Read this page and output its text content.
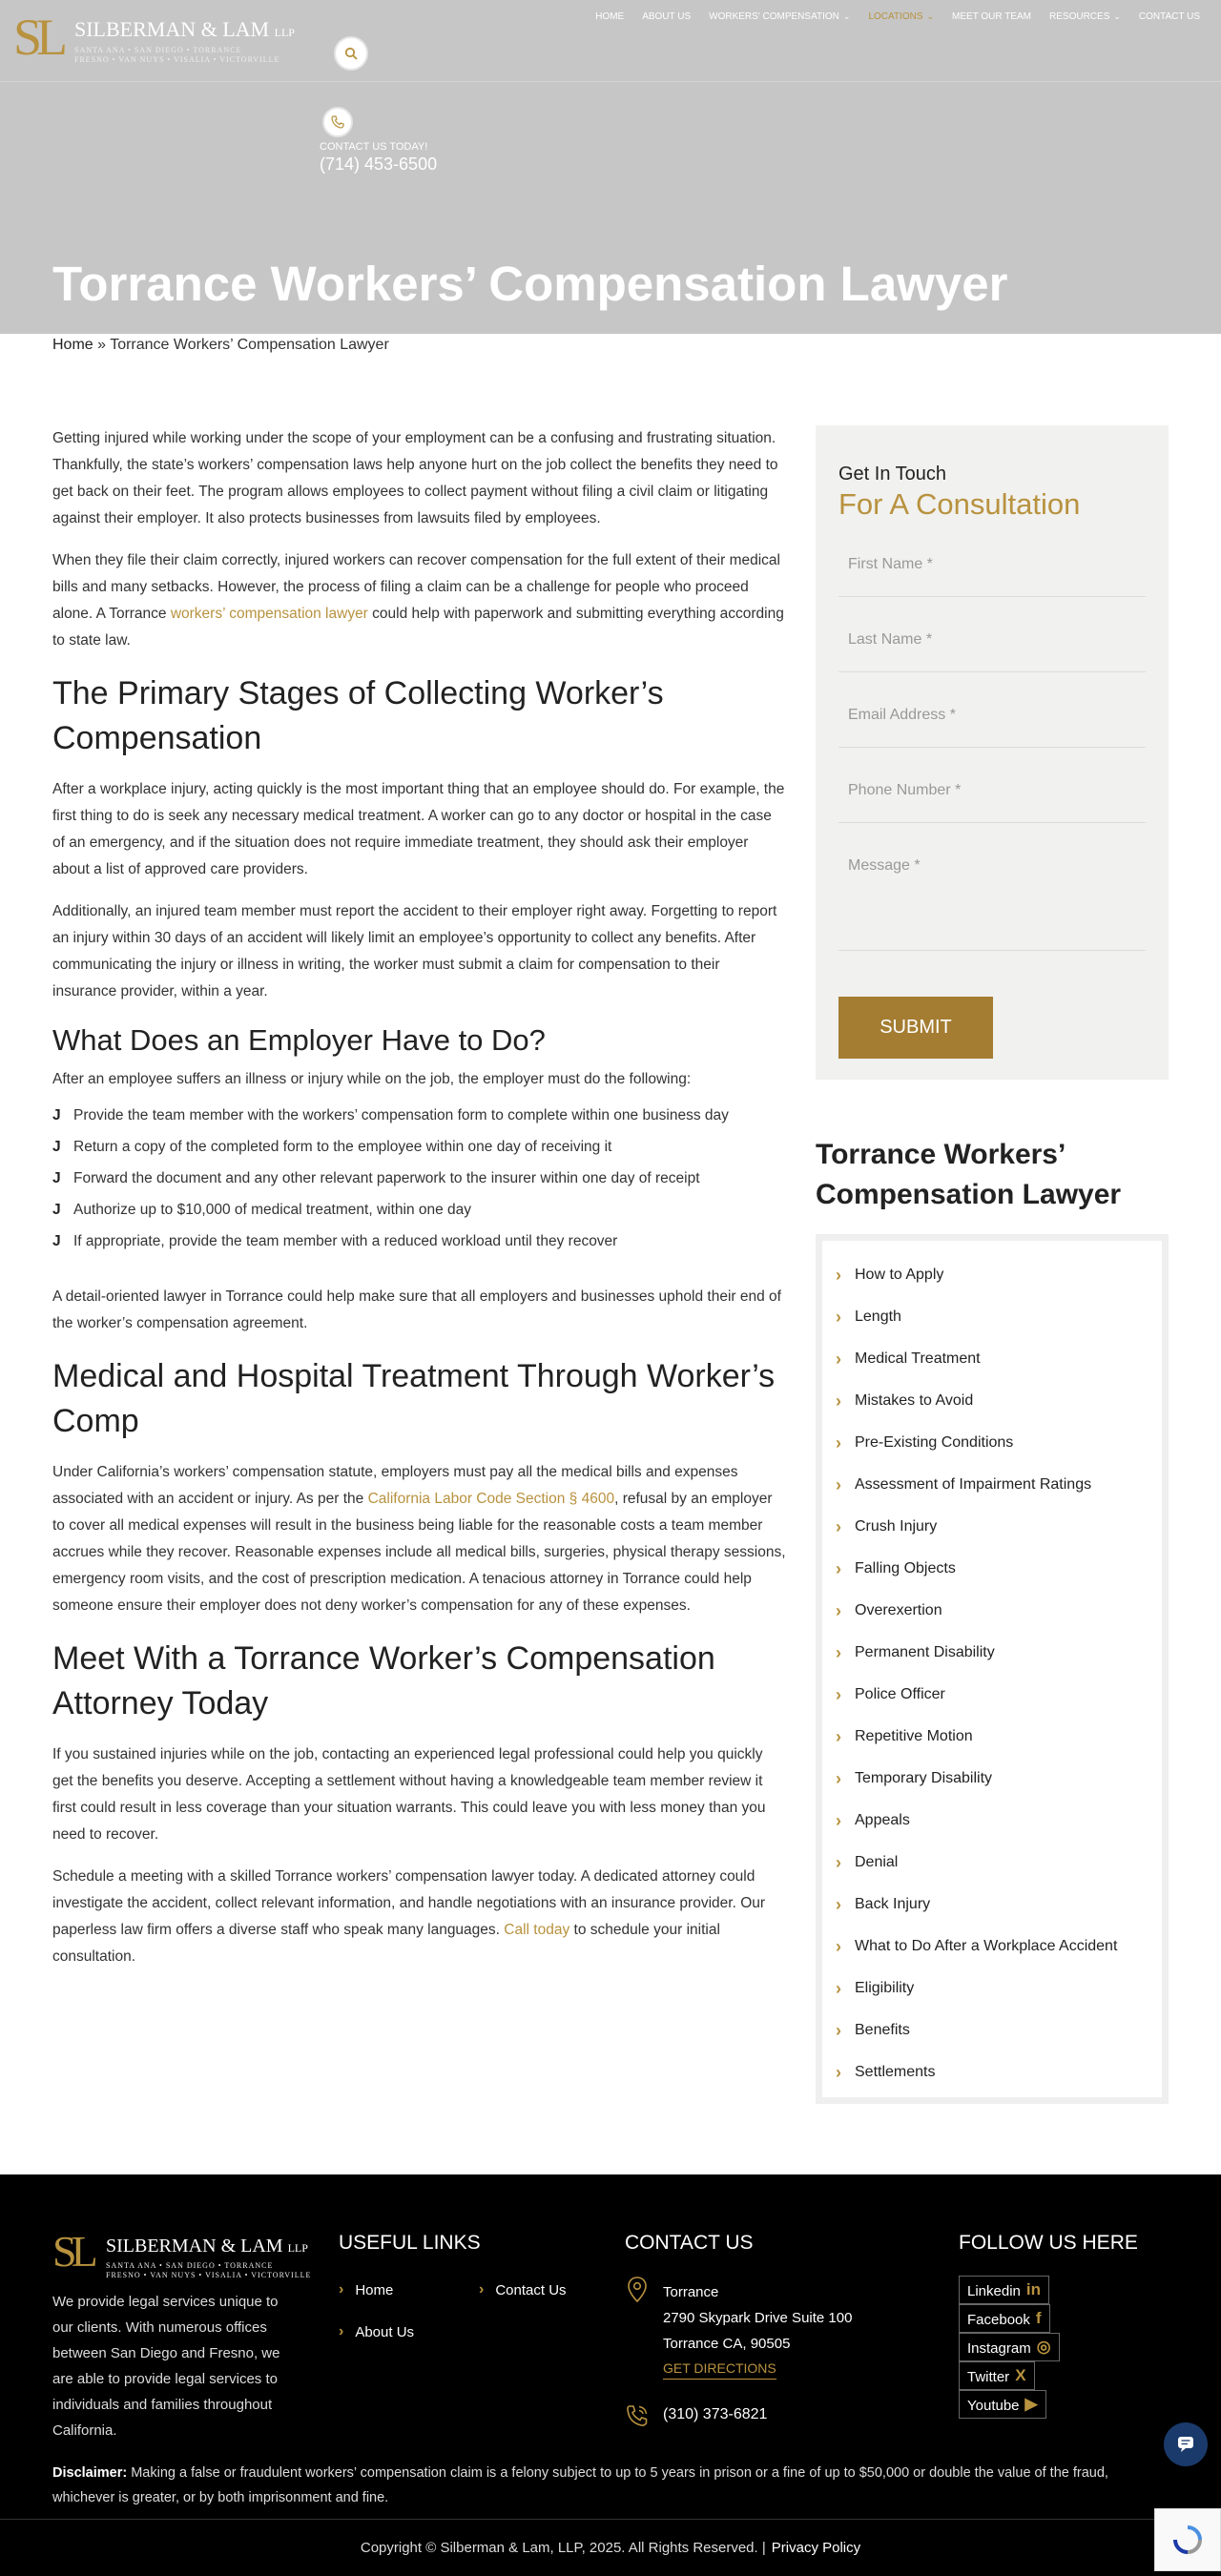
SL SILBERMAN & LAM LLP
SANTA ANA • SAN DIEGO • TORRANCE
FRESNO • VAN NUYS • VISALIA • VICTORVILLE
HOME ABOUT US WORKERS' COMPENSATION ⌄ LOCATIONS ⌄ MEET OUR TEAM RESOURCES ⌄ CONTACT US
CONTACT US TODAY!
(714) 453-6500
Torrance Workers’ Compensation Lawyer
Home » Torrance Workers’ Compensation Lawyer

Getting injured while working under the scope of your employment can be a confusing and frustrating situation. Thankfully, the state’s workers’ compensation laws help anyone hurt on the job collect the benefits they need to get back on their feet. The program allows employees to collect payment without filing a civil claim or litigating against their employer. It also protects businesses from lawsuits filed by employees.

When they file their claim correctly, injured workers can recover compensation for the full extent of their medical bills and many setbacks. However, the process of filing a claim can be a challenge for people who proceed alone. A Torrance workers’ compensation lawyer could help with paperwork and submitting everything according to state law.

The Primary Stages of Collecting Worker’s Compensation

After a workplace injury, acting quickly is the most important thing that an employee should do. For example, the first thing to do is seek any necessary medical treatment. A worker can go to any doctor or hospital in the case of an emergency, and if the situation does not require immediate treatment, they should ask their employer about a list of approved care providers.

Additionally, an injured team member must report the accident to their employer right away. Forgetting to report an injury within 30 days of an accident will likely limit an employee’s opportunity to collect any benefits. After communicating the injury or illness in writing, the worker must submit a claim for compensation to their insurance provider, within a year.

What Does an Employer Have to Do?

After an employee suffers an illness or injury while on the job, the employer must do the following:

J Provide the team member with the workers’ compensation form to complete within one business day
J Return a copy of the completed form to the employee within one day of receiving it
J Forward the document and any other relevant paperwork to the insurer within one day of receipt
J Authorize up to $10,000 of medical treatment, within one day
J If appropriate, provide the team member with a reduced workload until they recover

A detail-oriented lawyer in Torrance could help make sure that all employers and businesses uphold their end of the worker’s compensation agreement.

Medical and Hospital Treatment Through Worker’s Comp

Under California’s workers’ compensation statute, employers must pay all the medical bills and expenses associated with an accident or injury. As per the California Labor Code Section § 4600, refusal by an employer to cover all medical expenses will result in the business being liable for the reasonable costs a team member accrues while they recover. Reasonable expenses include all medical bills, surgeries, physical therapy sessions, emergency room visits, and the cost of prescription medication. A tenacious attorney in Torrance could help someone ensure their employer does not deny worker’s compensation for any of these expenses.

Meet With a Torrance Worker’s Compensation Attorney Today

If you sustained injuries while on the job, contacting an experienced legal professional could help you quickly get the benefits you deserve. Accepting a settlement without having a knowledgeable team member review it first could result in less coverage than your situation warrants. This could leave you with less money than you need to recover.

Schedule a meeting with a skilled Torrance workers’ compensation lawyer today. A dedicated attorney could investigate the accident, collect relevant information, and handle negotiations with an insurance provider. Our paperless law firm offers a diverse staff who speak many languages. Call today to schedule your initial consultation.

Get In Touch
For A Consultation
First Name *
Last Name *
Email Address *
Phone Number *
Message *
SUBMIT
Torrance Workers’ Compensation Lawyer
› How to Apply
› Length
› Medical Treatment
› Mistakes to Avoid
› Pre-Existing Conditions
› Assessment of Impairment Ratings
› Crush Injury
› Falling Objects
› Overexertion
› Permanent Disability
› Police Officer
› Repetitive Motion
› Temporary Disability
› Appeals
› Denial
› Back Injury
› What to Do After a Workplace Accident
› Eligibility
› Benefits
› Settlements
SL SILBERMAN & LAM LLP
SANTA ANA • SAN DIEGO • TORRANCE
FRESNO • VAN NUYS • VISALIA • VICTORVILLE

We provide legal services unique to our clients. With numerous offices between San Diego and Fresno, we are able to provide legal services to individuals and families throughout California.

USEFUL LINKS
› Home	› Contact Us
› About Us
CONTACT US
Torrance
2790 Skypark Drive Suite 100
Torrance CA, 90505
GET DIRECTIONS
(310) 373-6821
FOLLOW US HERE
Linkedin in
Facebook f
Instagram ◎
Twitter X
Youtube ▶

Disclaimer: Making a false or fraudulent workers’ compensation claim is a felony subject to up to 5 years in prison or a fine of up to $50,000 or double the value of the fraud, whichever is greater, or by both imprisonment and fine.

Copyright © Silberman & Lam, LLP, 2025. All Rights Reserved. | Privacy Policy
